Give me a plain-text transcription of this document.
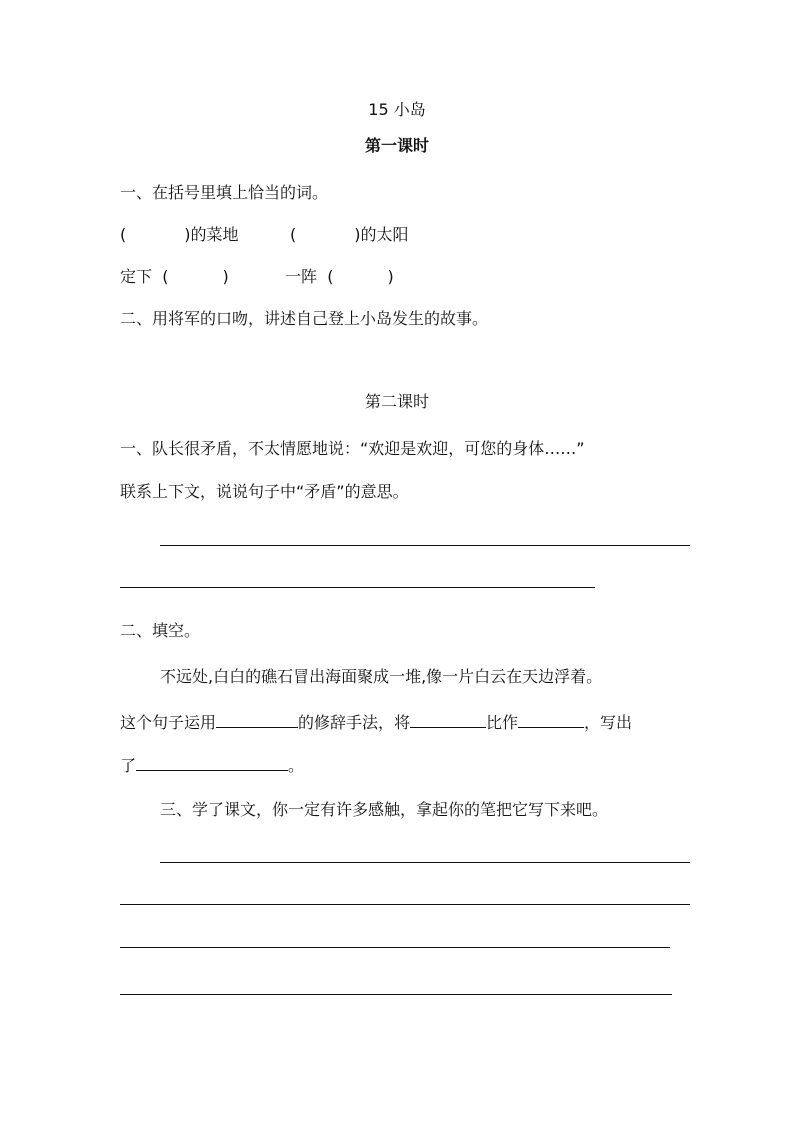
15 小岛
第一课时
一、在括号里填上恰当的词。
(	)的菜地	(	)的太阳
定下 (	)	一阵 (	)
二、用将军的口吻，讲述自己登上小岛发生的故事。
第二课时
一、队长很矛盾，不太情愿地说：“欢迎是欢迎，可您的身体……”
联系上下文，说说句子中“矛盾”的意思。
二、填空。
不远处,白白的礁石冒出海面聚成一堆,像一片白云在天边浮着。
这个句子运用	的修辞手法，将	比作	，写出
了	。
三、学了课文，你一定有许多感触，拿起你的笔把它写下来吧。
